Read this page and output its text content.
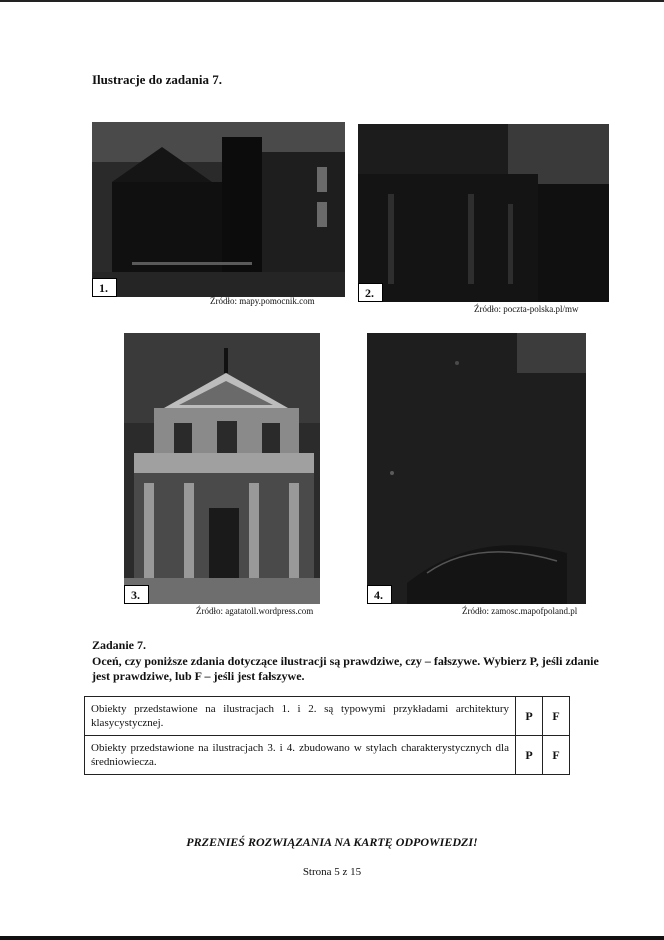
Ilustracje do zadania 7.
1.
Źródło: mapy.pomocnik.com
2.
Źródło: poczta-polska.pl/mw
3.
Źródło: agatatoll.wordpress.com
4.
Źródło: zamosc.mapofpoland.pl
Zadanie 7.
Oceń, czy poniższe zdania dotyczące ilustracji są prawdziwe, czy – fałszywe. Wybierz P, jeśli zdanie jest prawdziwe, lub F – jeśli jest fałszywe.
Obiekty przedstawione na ilustracjach 1. i 2. są typowymi przykładami architektury klasycystycznej.	P	F
Obiekty przedstawione na ilustracjach 3. i 4. zbudowano w stylach charakterystycznych dla średniowiecza.	P	F
PRZENIEŚ ROZWIĄZANIA NA KARTĘ ODPOWIEDZI!
Strona 5 z 15
